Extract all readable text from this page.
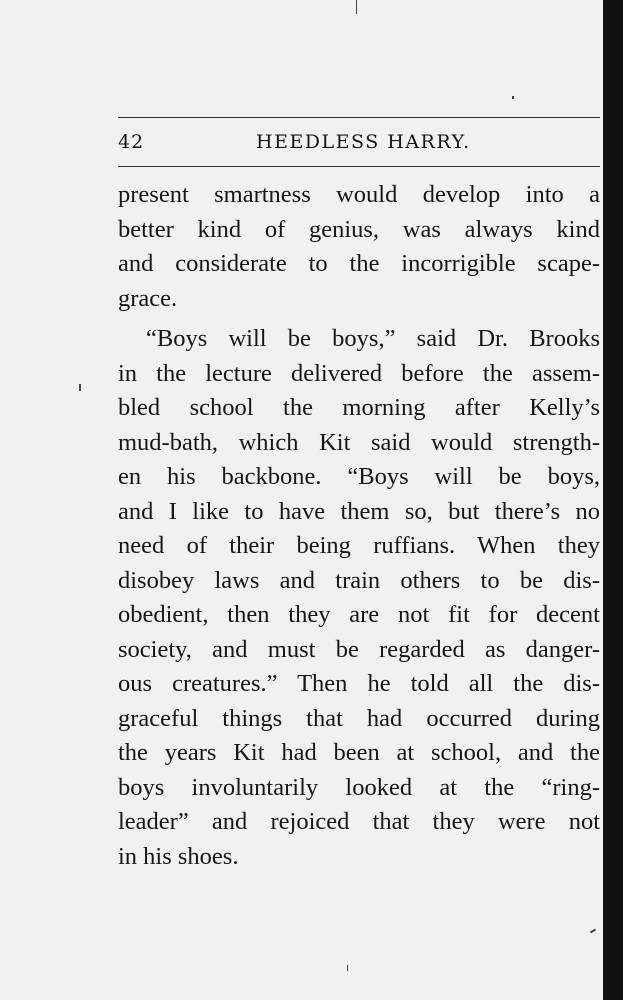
42	HEEDLESS HARRY.
present smartness would develop into a
better kind of genius, was always kind
and considerate to the incorrigible scape-
grace.
“Boys will be boys,” said Dr. Brooks
in the lecture delivered before the assem-
bled school the morning after Kelly’s
mud-bath, which Kit said would strength-
en his backbone. “Boys will be boys,
and I like to have them so, but there’s no
need of their being ruffians. When they
disobey laws and train others to be dis-
obedient, then they are not fit for decent
society, and must be regarded as danger-
ous creatures.” Then he told all the dis-
graceful things that had occurred during
the years Kit had been at school, and the
boys involuntarily looked at the “ring-
leader” and rejoiced that they were not
in his shoes.
